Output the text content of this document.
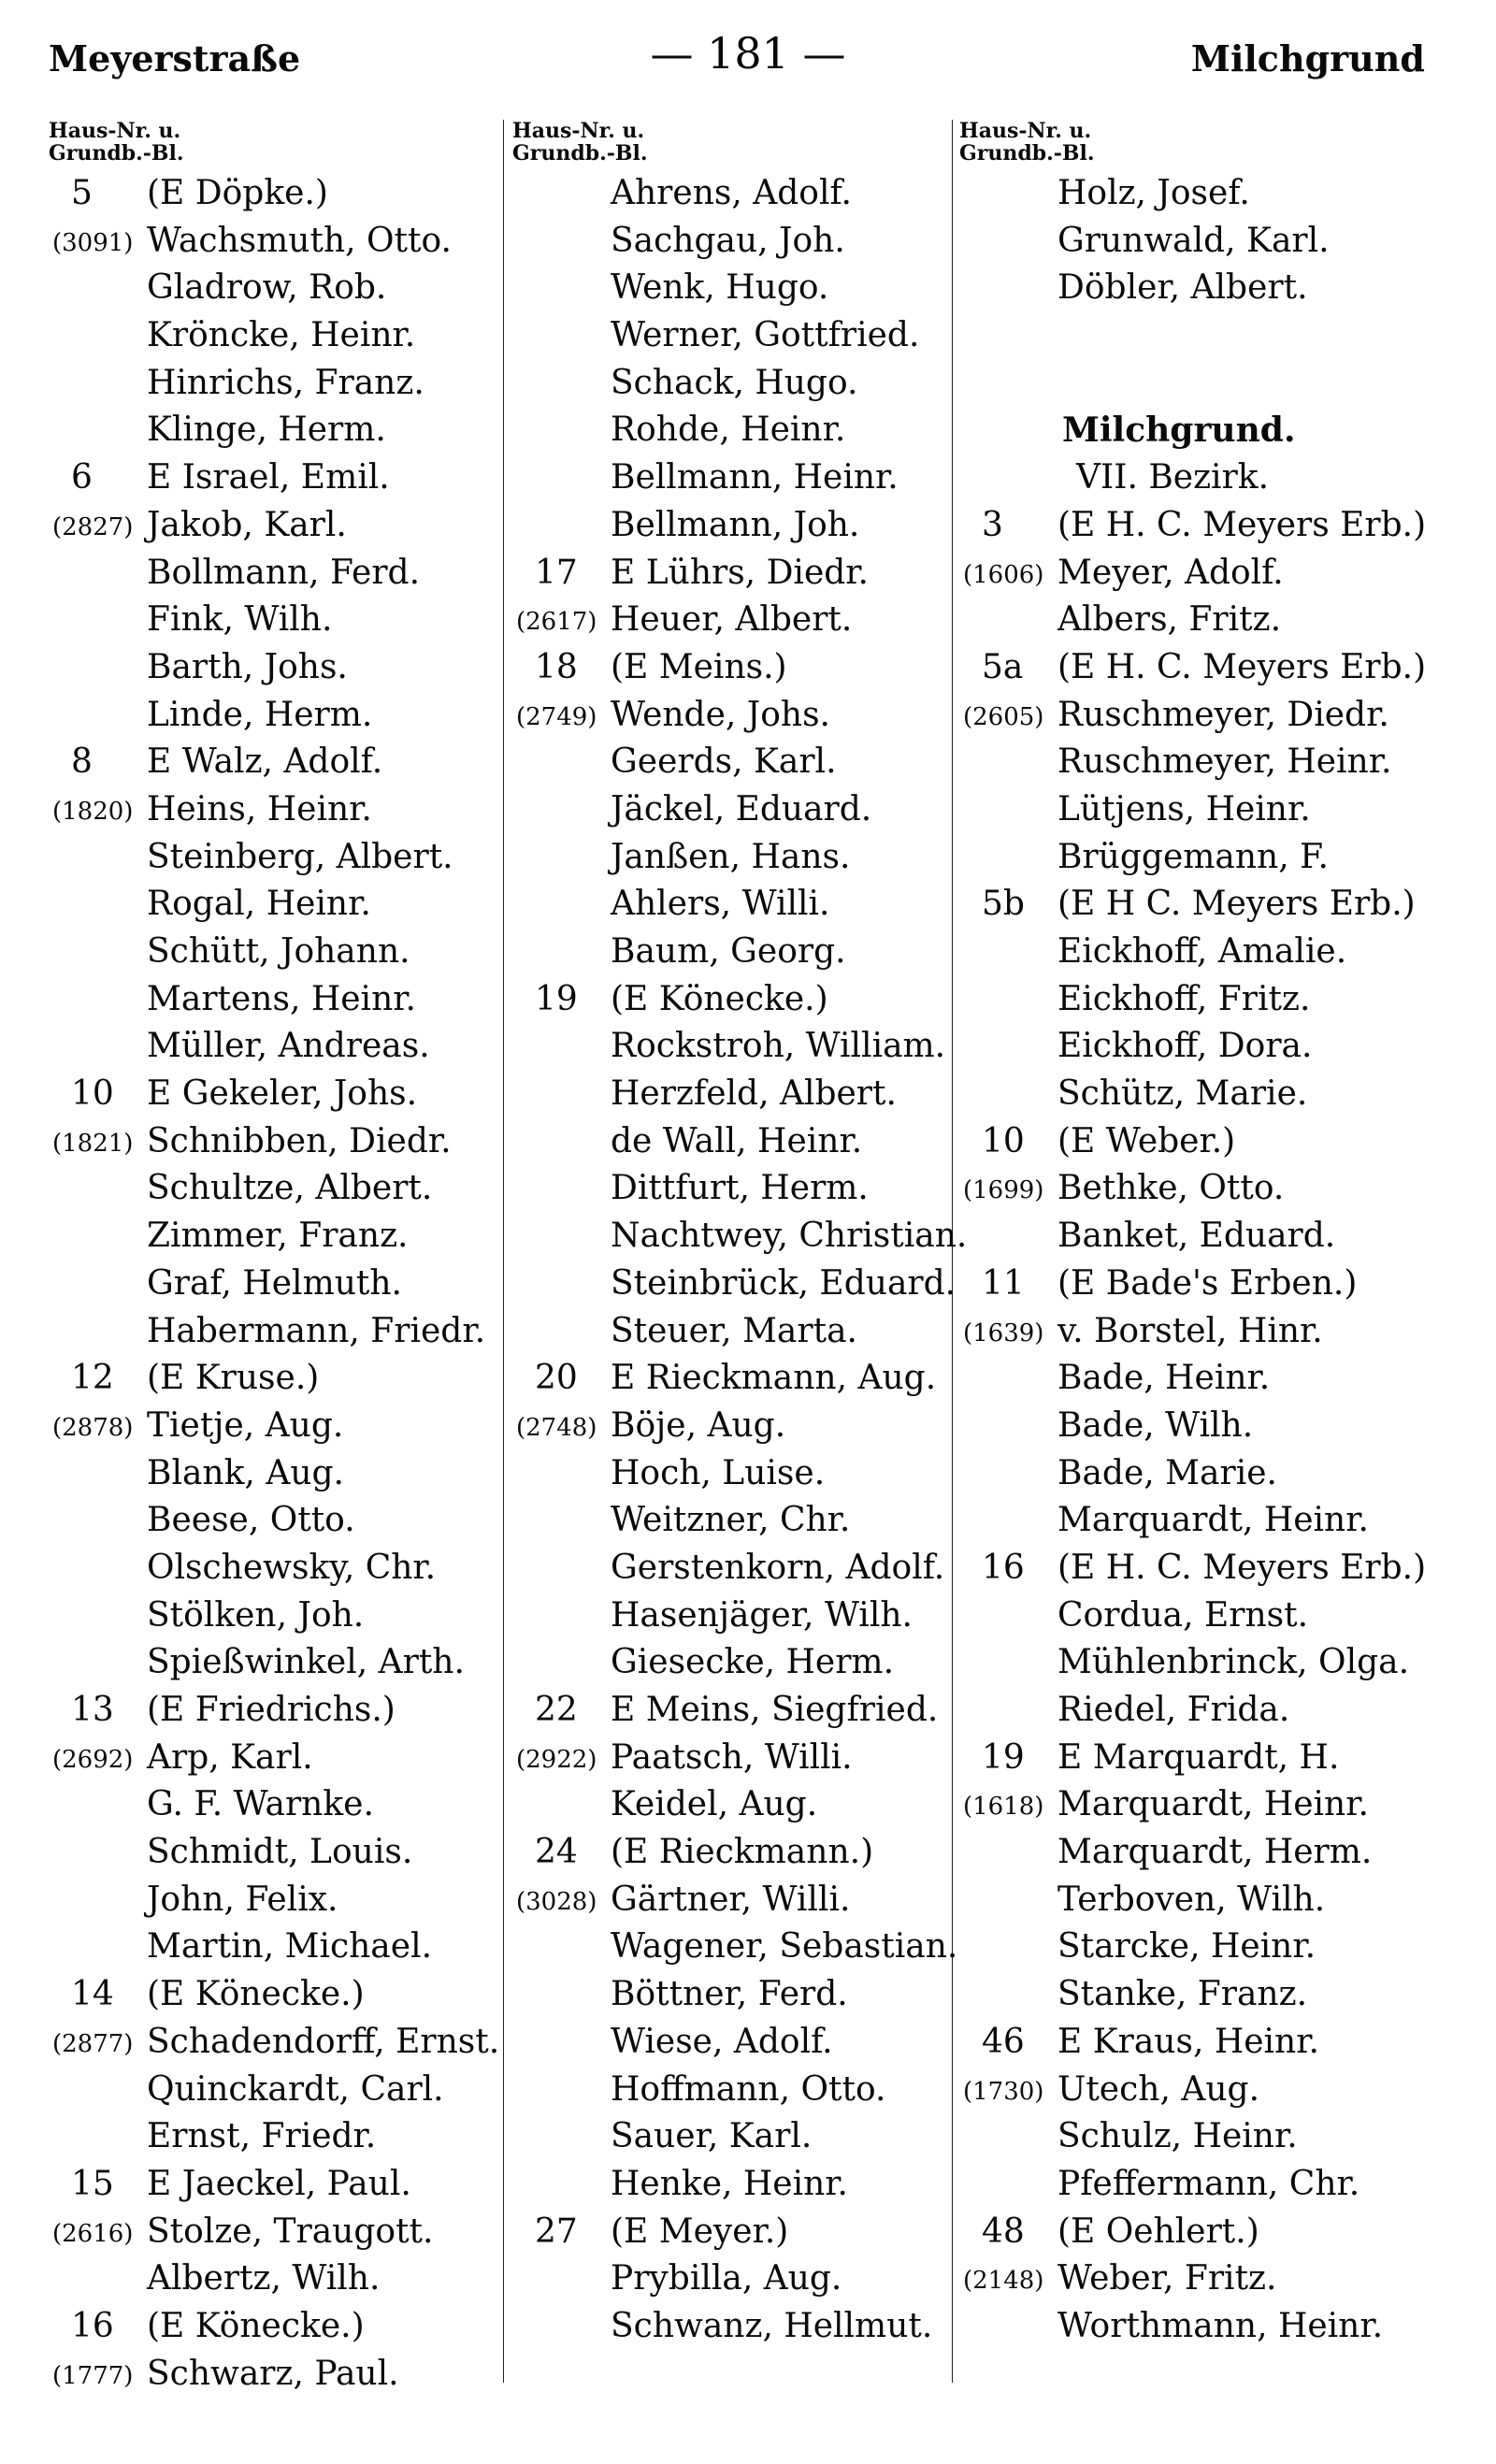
Meyerstraße	— 181 —	Milchgrund
Haus-Nr. u.
Grundb.-Bl.
5 (E Döpke.)
(3091) Wachsmuth, Otto.
Gladrow, Rob.
Kröncke, Heinr.
Hinrichs, Franz.
Klinge, Herm.
6 E Israel, Emil.
(2827) Jakob, Karl.
Bollmann, Ferd.
Fink, Wilh.
Barth, Johs.
Linde, Herm.
8 E Walz, Adolf.
(1820) Heins, Heinr.
Steinberg, Albert.
Rogal, Heinr.
Schütt, Johann.
Martens, Heinr.
Müller, Andreas.
10 E Gekeler, Johs.
(1821) Schnibben, Diedr.
Schultze, Albert.
Zimmer, Franz.
Graf, Helmuth.
Habermann, Friedr.
12 (E Kruse.)
(2878) Tietje, Aug.
Blank, Aug.
Beese, Otto.
Olschewsky, Chr.
Stölken, Joh.
Spießwinkel, Arth.
13 (E Friedrichs.)
(2692) Arp, Karl.
G. F. Warnke.
Schmidt, Louis.
John, Felix.
Martin, Michael.
14 (E Könecke.)
(2877) Schadendorff, Ernst.
Quinckardt, Carl.
Ernst, Friedr.
15 E Jaeckel, Paul.
(2616) Stolze, Traugott.
Albertz, Wilh.
16 (E Könecke.)
(1777) Schwarz, Paul.
Haus-Nr. u.
Grundb.-Bl.
Ahrens, Adolf.
Sachgau, Joh.
Wenk, Hugo.
Werner, Gottfried.
Schack, Hugo.
Rohde, Heinr.
Bellmann, Heinr.
Bellmann, Joh.
17 E Lührs, Diedr.
(2617) Heuer, Albert.
18 (E Meins.)
(2749) Wende, Johs.
Geerds, Karl.
Jäckel, Eduard.
Janßen, Hans.
Ahlers, Willi.
Baum, Georg.
19 (E Könecke.)
Rockstroh, William.
Herzfeld, Albert.
de Wall, Heinr.
Dittfurt, Herm.
Nachtwey, Christian.
Steinbrück, Eduard.
Steuer, Marta.
20 E Rieckmann, Aug.
(2748) Böje, Aug.
Hoch, Luise.
Weitzner, Chr.
Gerstenkorn, Adolf.
Hasenjäger, Wilh.
Giesecke, Herm.
22 E Meins, Siegfried.
(2922) Paatsch, Willi.
Keidel, Aug.
24 (E Rieckmann.)
(3028) Gärtner, Willi.
Wagener, Sebastian.
Böttner, Ferd.
Wiese, Adolf.
Hoffmann, Otto.
Sauer, Karl.
Henke, Heinr.
27 (E Meyer.)
Prybilla, Aug.
Schwanz, Hellmut.
Haus-Nr. u.
Grundb.-Bl.
Holz, Josef.
Grunwald, Karl.
Döbler, Albert.
Milchgrund.
VII. Bezirk.
3 (E H. C. Meyers Erb.)
(1606) Meyer, Adolf.
Albers, Fritz.
5a (E H. C. Meyers Erb.)
(2605) Ruschmeyer, Diedr.
Ruschmeyer, Heinr.
Lütjens, Heinr.
Brüggemann, F.
5b (E H C. Meyers Erb.)
Eickhoff, Amalie.
Eickhoff, Fritz.
Eickhoff, Dora.
Schütz, Marie.
10 (E Weber.)
(1699) Bethke, Otto.
Banket, Eduard.
11 (E Bade's Erben.)
(1639) v. Borstel, Hinr.
Bade, Heinr.
Bade, Wilh.
Bade, Marie.
Marquardt, Heinr.
16 (E H. C. Meyers Erb.)
Cordua, Ernst.
Mühlenbrinck, Olga.
Riedel, Frida.
19 E Marquardt, H.
(1618) Marquardt, Heinr.
Marquardt, Herm.
Terboven, Wilh.
Starcke, Heinr.
Stanke, Franz.
46 E Kraus, Heinr.
(1730) Utech, Aug.
Schulz, Heinr.
Pfeffermann, Chr.
48 (E Oehlert.)
(2148) Weber, Fritz.
Worthmann, Heinr.
